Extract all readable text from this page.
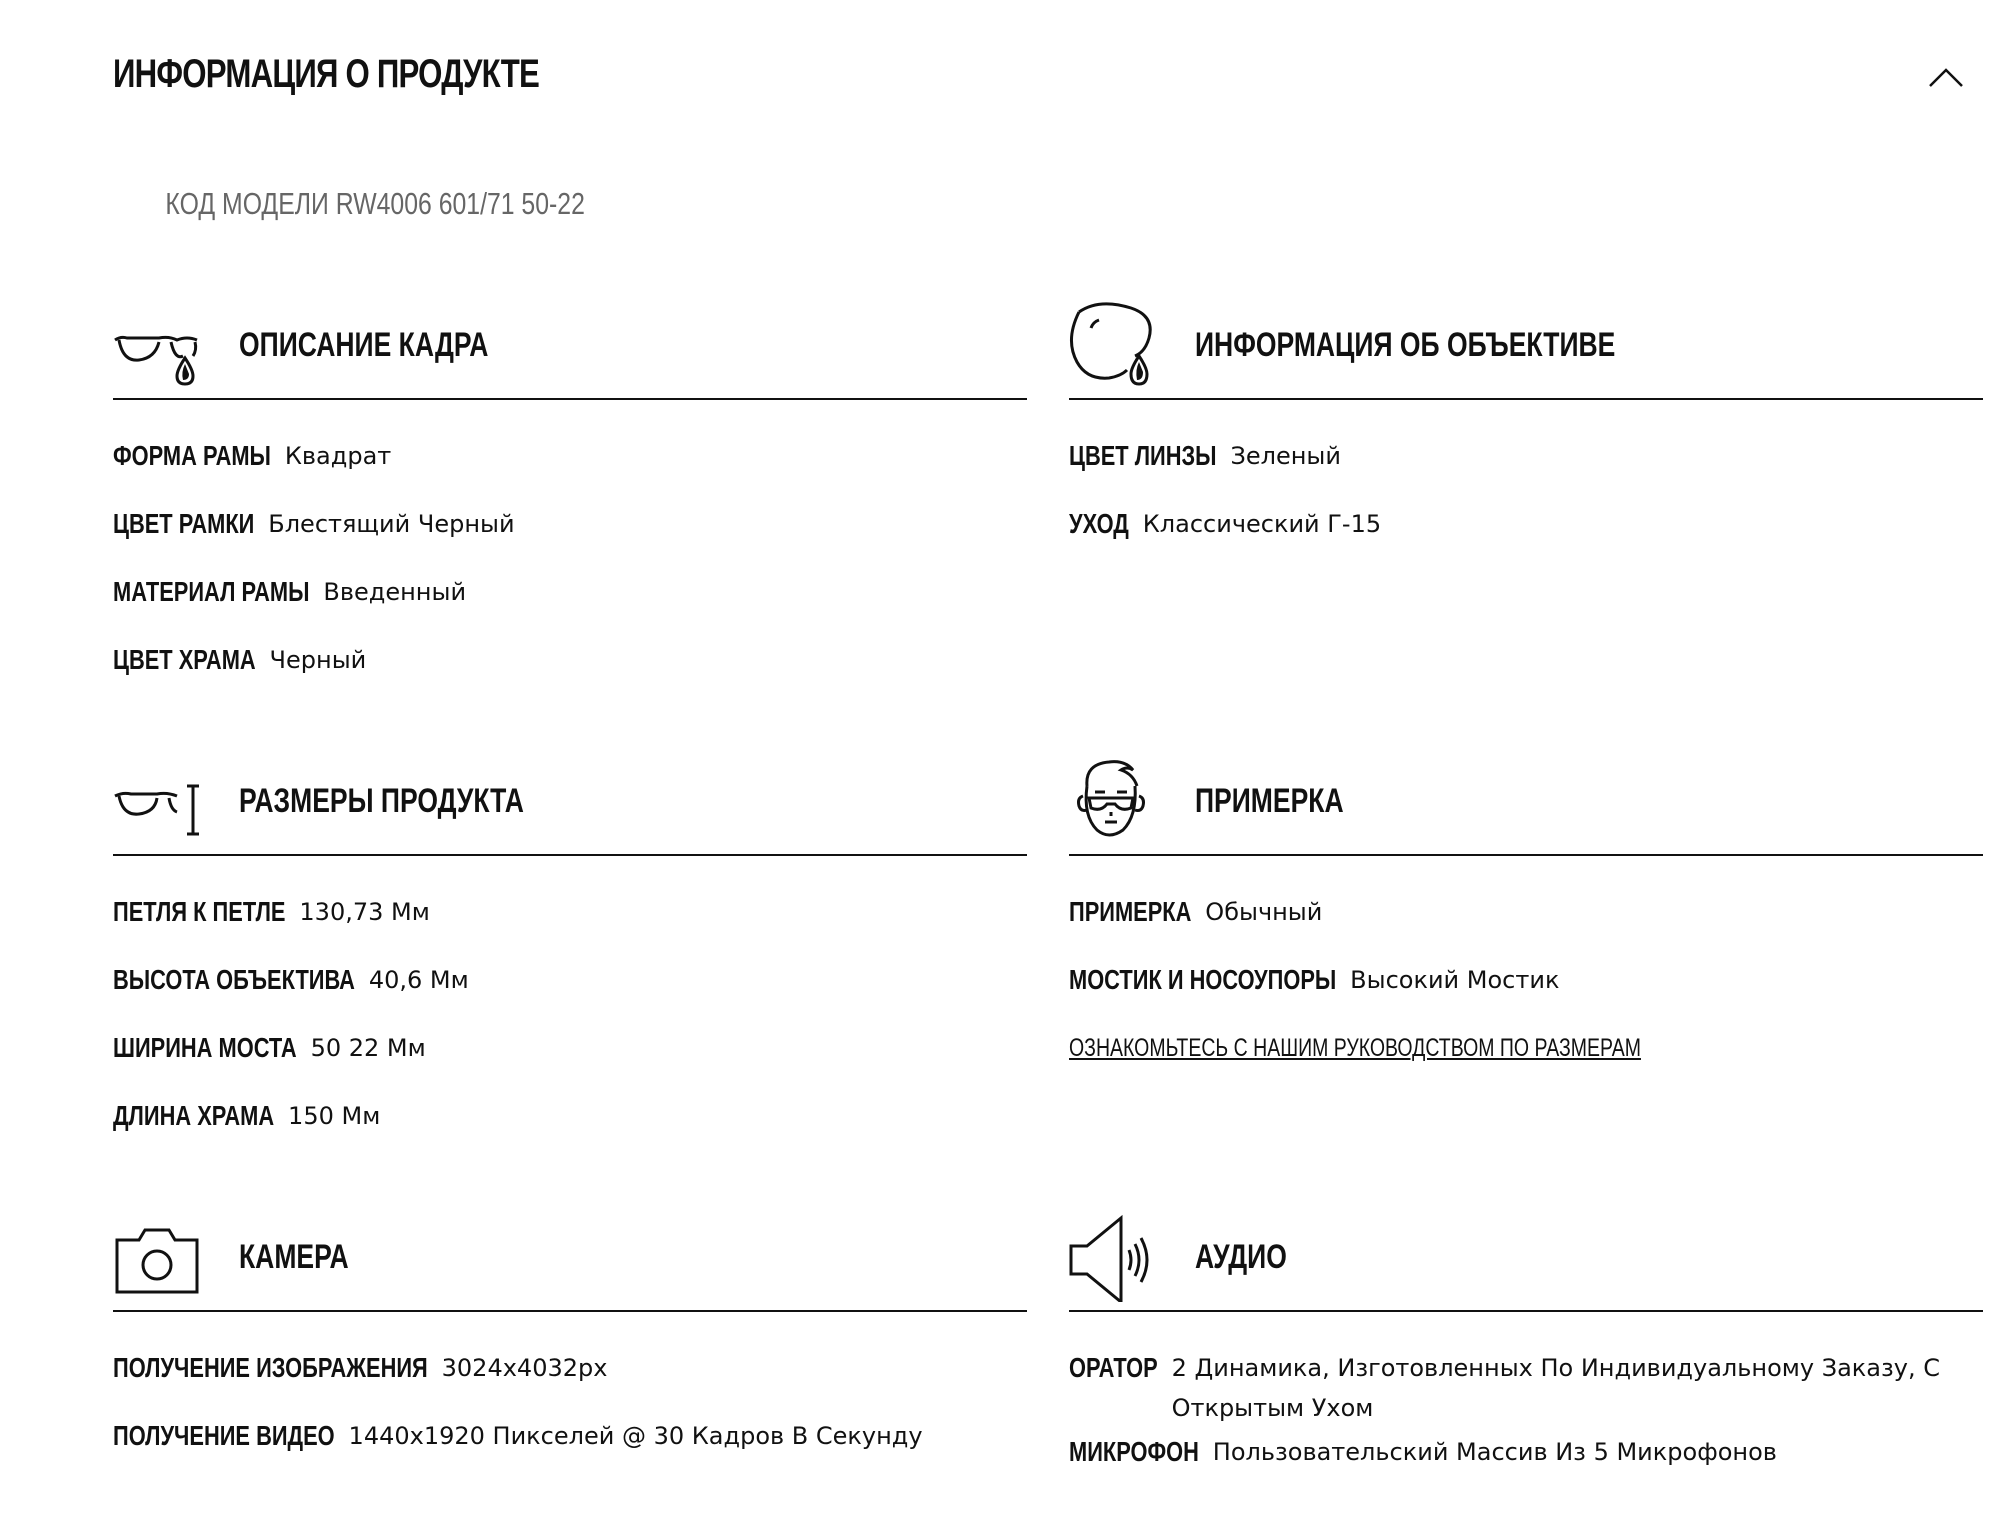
ИНФОРМАЦИЯ О ПРОДУКТЕ
КОД МОДЕЛИ RW4006 601/71 50-22
ОПИСАНИЕ КАДРА
ФОРМА РАМЫ
Квадрат
ЦВЕТ РАМКИ
Блестящий Черный
МАТЕРИАЛ РАМЫ
Введенный
ЦВЕТ ХРАМА
Черный
ИНФОРМАЦИЯ ОБ ОБЪЕКТИВЕ
ЦВЕТ ЛИНЗЫ
Зеленый
УХОД
Классический Г-15
РАЗМЕРЫ ПРОДУКТА
ПЕТЛЯ К ПЕТЛЕ
130,73 Мм
ВЫСОТА ОБЪЕКТИВА
40,6 Мм
ШИРИНА МОСТА
50 22 Мм
ДЛИНА ХРАМА
150 Мм
ПРИМЕРКА
ПРИМЕРКА
Обычный
МОСТИК И НОСОУПОРЫ
Высокий Мостик
ОЗНАКОМЬТЕСЬ С НАШИМ РУКОВОДСТВОМ ПО РАЗМЕРАМ
КАМЕРА
ПОЛУЧЕНИЕ ИЗОБРАЖЕНИЯ
3024x4032px
ПОЛУЧЕНИЕ ВИДЕО
1440x1920 Пикселей @ 30 Кадров В Секунду
АУДИО
ОРАТОР
2 Динамика, Изготовленных По Индивидуальному Заказу, С Открытым Ухом
МИКРОФОН
Пользовательский Массив Из 5 Микрофонов
